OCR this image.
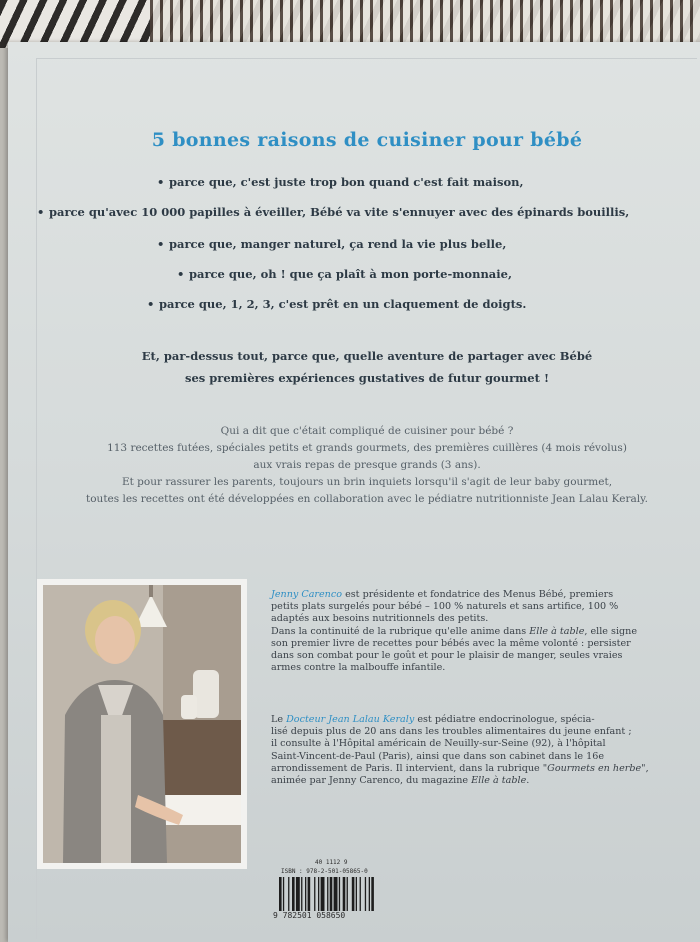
5 bonnes raisons de cuisiner pour bébé
• parce que, c'est juste trop bon quand c'est fait maison,
• parce qu'avec 10 000 papilles à éveiller, Bébé va vite s'ennuyer avec des épinards bouillis,
• parce que, manger naturel, ça rend la vie plus belle,
• parce que, oh ! que ça plaît à mon porte-monnaie,
• parce que, 1, 2, 3, c'est prêt en un claquement de doigts.
Et, par-dessus tout, parce que, quelle aventure de partager avec Bébé
ses premières expériences gustatives de futur gourmet !
Qui a dit que c'était compliqué de cuisiner pour bébé ?
113 recettes futées, spéciales petits et grands gourmets, des premières cuillères (4 mois révolus)
aux vrais repas de presque grands (3 ans).
Et pour rassurer les parents, toujours un brin inquiets lorsqu'il s'agit de leur baby gourmet,
toutes les recettes ont été développées en collaboration avec le pédiatre nutritionniste Jean Lalau Keraly.
Jenny Carenco est présidente et fondatrice des Menus Bébé, premiers
petits plats surgelés pour bébé – 100 % naturels et sans artifice, 100 %
adaptés aux besoins nutritionnels des petits.
Dans la continuité de la rubrique qu'elle anime dans Elle à table, elle signe
son premier livre de recettes pour bébés avec la même volonté : persister
dans son combat pour le goût et pour le plaisir de manger, seules vraies
armes contre la malbouffe infantile.
Le Docteur Jean Lalau Keraly est pédiatre endocrinologue, spécia-
lisé depuis plus de 20 ans dans les troubles alimentaires du jeune enfant ;
il consulte à l'Hôpital américain de Neuilly-sur-Seine (92), à l'hôpital
Saint-Vincent-de-Paul (Paris), ainsi que dans son cabinet dans le 16e
arrondissement de Paris. Il intervient, dans la rubrique "Gourmets en herbe",
animée par Jenny Carenco, du magazine Elle à table.
40 1112 9
ISBN : 978-2-501-05865-0
9 782501 058650
